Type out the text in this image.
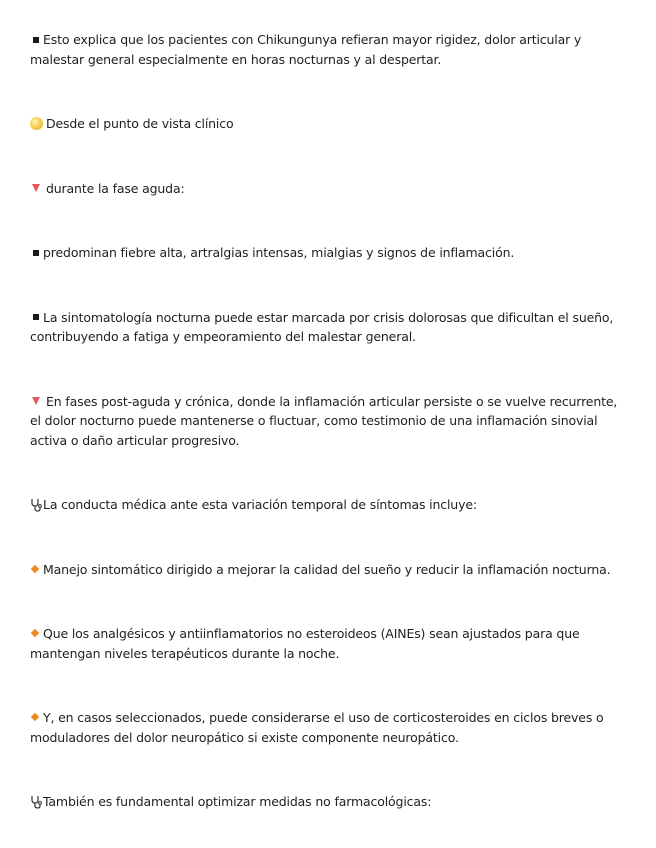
Esto explica que los pacientes con Chikungunya refieran mayor rigidez, dolor articular y malestar general especialmente en horas nocturnas y al despertar.

Desde el punto de vista clínico

durante la fase aguda:

predominan fiebre alta, artralgias intensas, mialgias y signos de inflamación.

La sintomatología nocturna puede estar marcada por crisis dolorosas que dificultan el sueño, contribuyendo a fatiga y empeoramiento del malestar general.

En fases post-aguda y crónica, donde la inflamación articular persiste o se vuelve recurrente, el dolor nocturno puede mantenerse o fluctuar, como testimonio de una inflamación sinovial activa o daño articular progresivo.

La conducta médica ante esta variación temporal de síntomas incluye:

Manejo sintomático dirigido a mejorar la calidad del sueño y reducir la inflamación nocturna.

Que los analgésicos y antiinflamatorios no esteroideos (AINEs) sean ajustados para que mantengan niveles terapéuticos durante la noche.

Y, en casos seleccionados, puede considerarse el uso de corticosteroides en ciclos breves o moduladores del dolor neuropático si existe componente neuropático.

También es fundamental optimizar medidas no farmacológicas:
